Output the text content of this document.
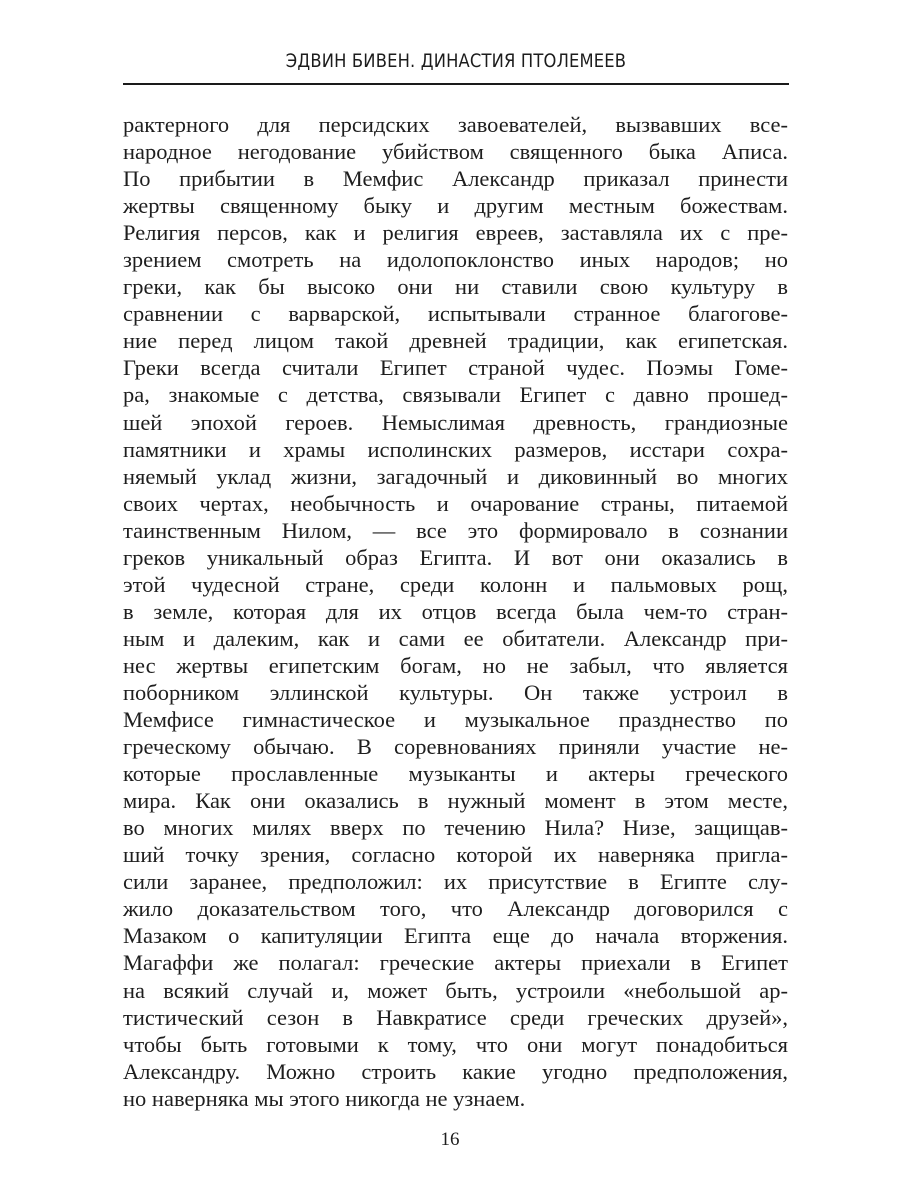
ЭДВИН БИВЕН. ДИНАСТИЯ ПТОЛЕМЕЕВ
рактерного для персидских завоевателей, вызвавших все-
народное негодование убийством священного быка Аписа.
По прибытии в Мемфис Александр приказал принести
жертвы священному быку и другим местным божествам.
Религия персов, как и религия евреев, заставляла их с пре-
зрением смотреть на идолопоклонство иных народов; но
греки, как бы высоко они ни ставили свою культуру в
сравнении с варварской, испытывали странное благогове-
ние перед лицом такой древней традиции, как египетская.
Греки всегда считали Египет страной чудес. Поэмы Гоме-
ра, знакомые с детства, связывали Египет с давно прошед-
шей эпохой героев. Немыслимая древность, грандиозные
памятники и храмы исполинских размеров, исстари сохра-
няемый уклад жизни, загадочный и диковинный во многих
своих чертах, необычность и очарование страны, питаемой
таинственным Нилом, — все это формировало в сознании
греков уникальный образ Египта. И вот они оказались в
этой чудесной стране, среди колонн и пальмовых рощ,
в земле, которая для их отцов всегда была чем-то стран-
ным и далеким, как и сами ее обитатели. Александр при-
нес жертвы египетским богам, но не забыл, что является
поборником эллинской культуры. Он также устроил в
Мемфисе гимнастическое и музыкальное празднество по
греческому обычаю. В соревнованиях приняли участие не-
которые прославленные музыканты и актеры греческого
мира. Как они оказались в нужный момент в этом месте,
во многих милях вверх по течению Нила? Низе, защищав-
ший точку зрения, согласно которой их наверняка пригла-
сили заранее, предположил: их присутствие в Египте слу-
жило доказательством того, что Александр договорился с
Мазаком о капитуляции Египта еще до начала вторжения.
Магаффи же полагал: греческие актеры приехали в Египет
на всякий случай и, может быть, устроили «небольшой ар-
тистический сезон в Навкратисе среди греческих друзей»,
чтобы быть готовыми к тому, что они могут понадобиться
Александру. Можно строить какие угодно предположения,
но наверняка мы этого никогда не узнаем.
16
